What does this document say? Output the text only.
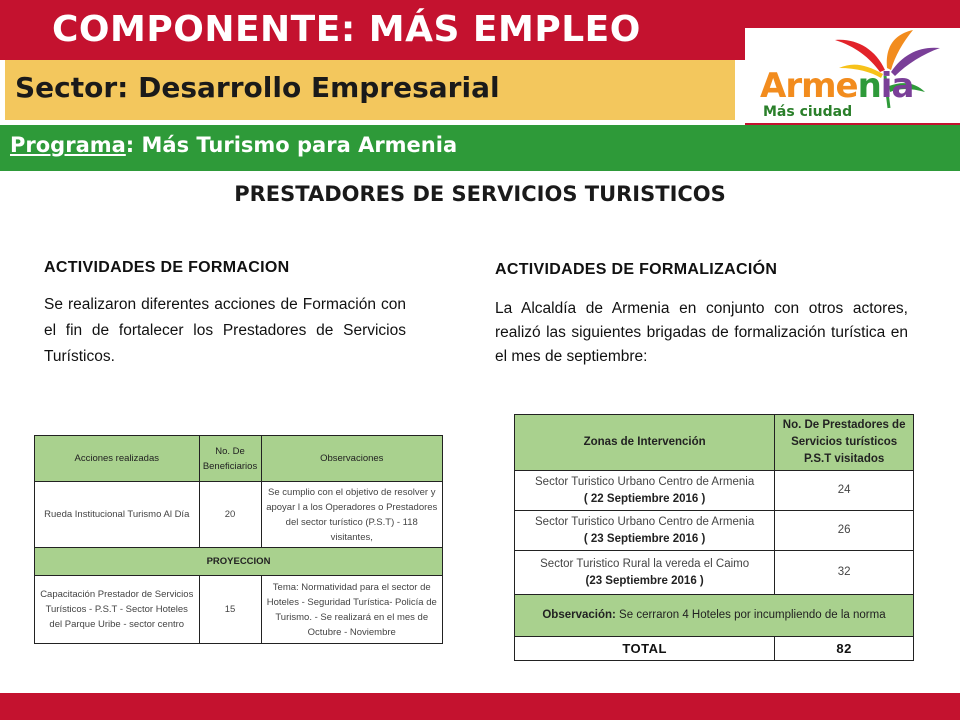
COMPONENTE: MÁS EMPLEO
Sector: Desarrollo Empresarial	Armenia
Más ciudad
Programa: Más Turismo para Armenia
PRESTADORES DE SERVICIOS TURISTICOS
ACTIVIDADES DE FORMACION
Se realizaron diferentes acciones de Formación con el fin de fortalecer los Prestadores de Servicios Turísticos.
ACTIVIDADES DE FORMALIZACIÓN
La Alcaldía de Armenia en conjunto con otros actores, realizó las siguientes brigadas de formalización turística en el mes de septiembre:
Acciones realizadas	No. De Beneficiarios	Observaciones
Rueda Institucional Turismo Al Día	20	Se cumplio con el objetivo de resolver y apoyar l a los Operadores o Prestadores del sector turístico (P.S.T) - 118 visitantes,
PROYECCION		
Capacitación Prestador de Servicios Turísticos - P.S.T - Sector Hoteles del Parque Uribe - sector centro	15	Tema: Normatividad para el sector de Hoteles - Seguridad Turística- Policía de Turismo. - Se realizará en el mes de Octubre - Noviembre
Zonas de Intervención	No. De Prestadores de Servicios turísticos P.S.T visitados

Sector Turistico Urbano Centro de Armenia
( 22 Septiembre 2016 )	24

Sector Turistico Urbano Centro de Armenia
( 23 Septiembre 2016 )	26

Sector Turistico Rural la vereda el Caimo
(23 Septiembre 2016 )	32
Observación: Se cerraron 4 Hoteles por incumpliendo de la norma	
TOTAL	82
